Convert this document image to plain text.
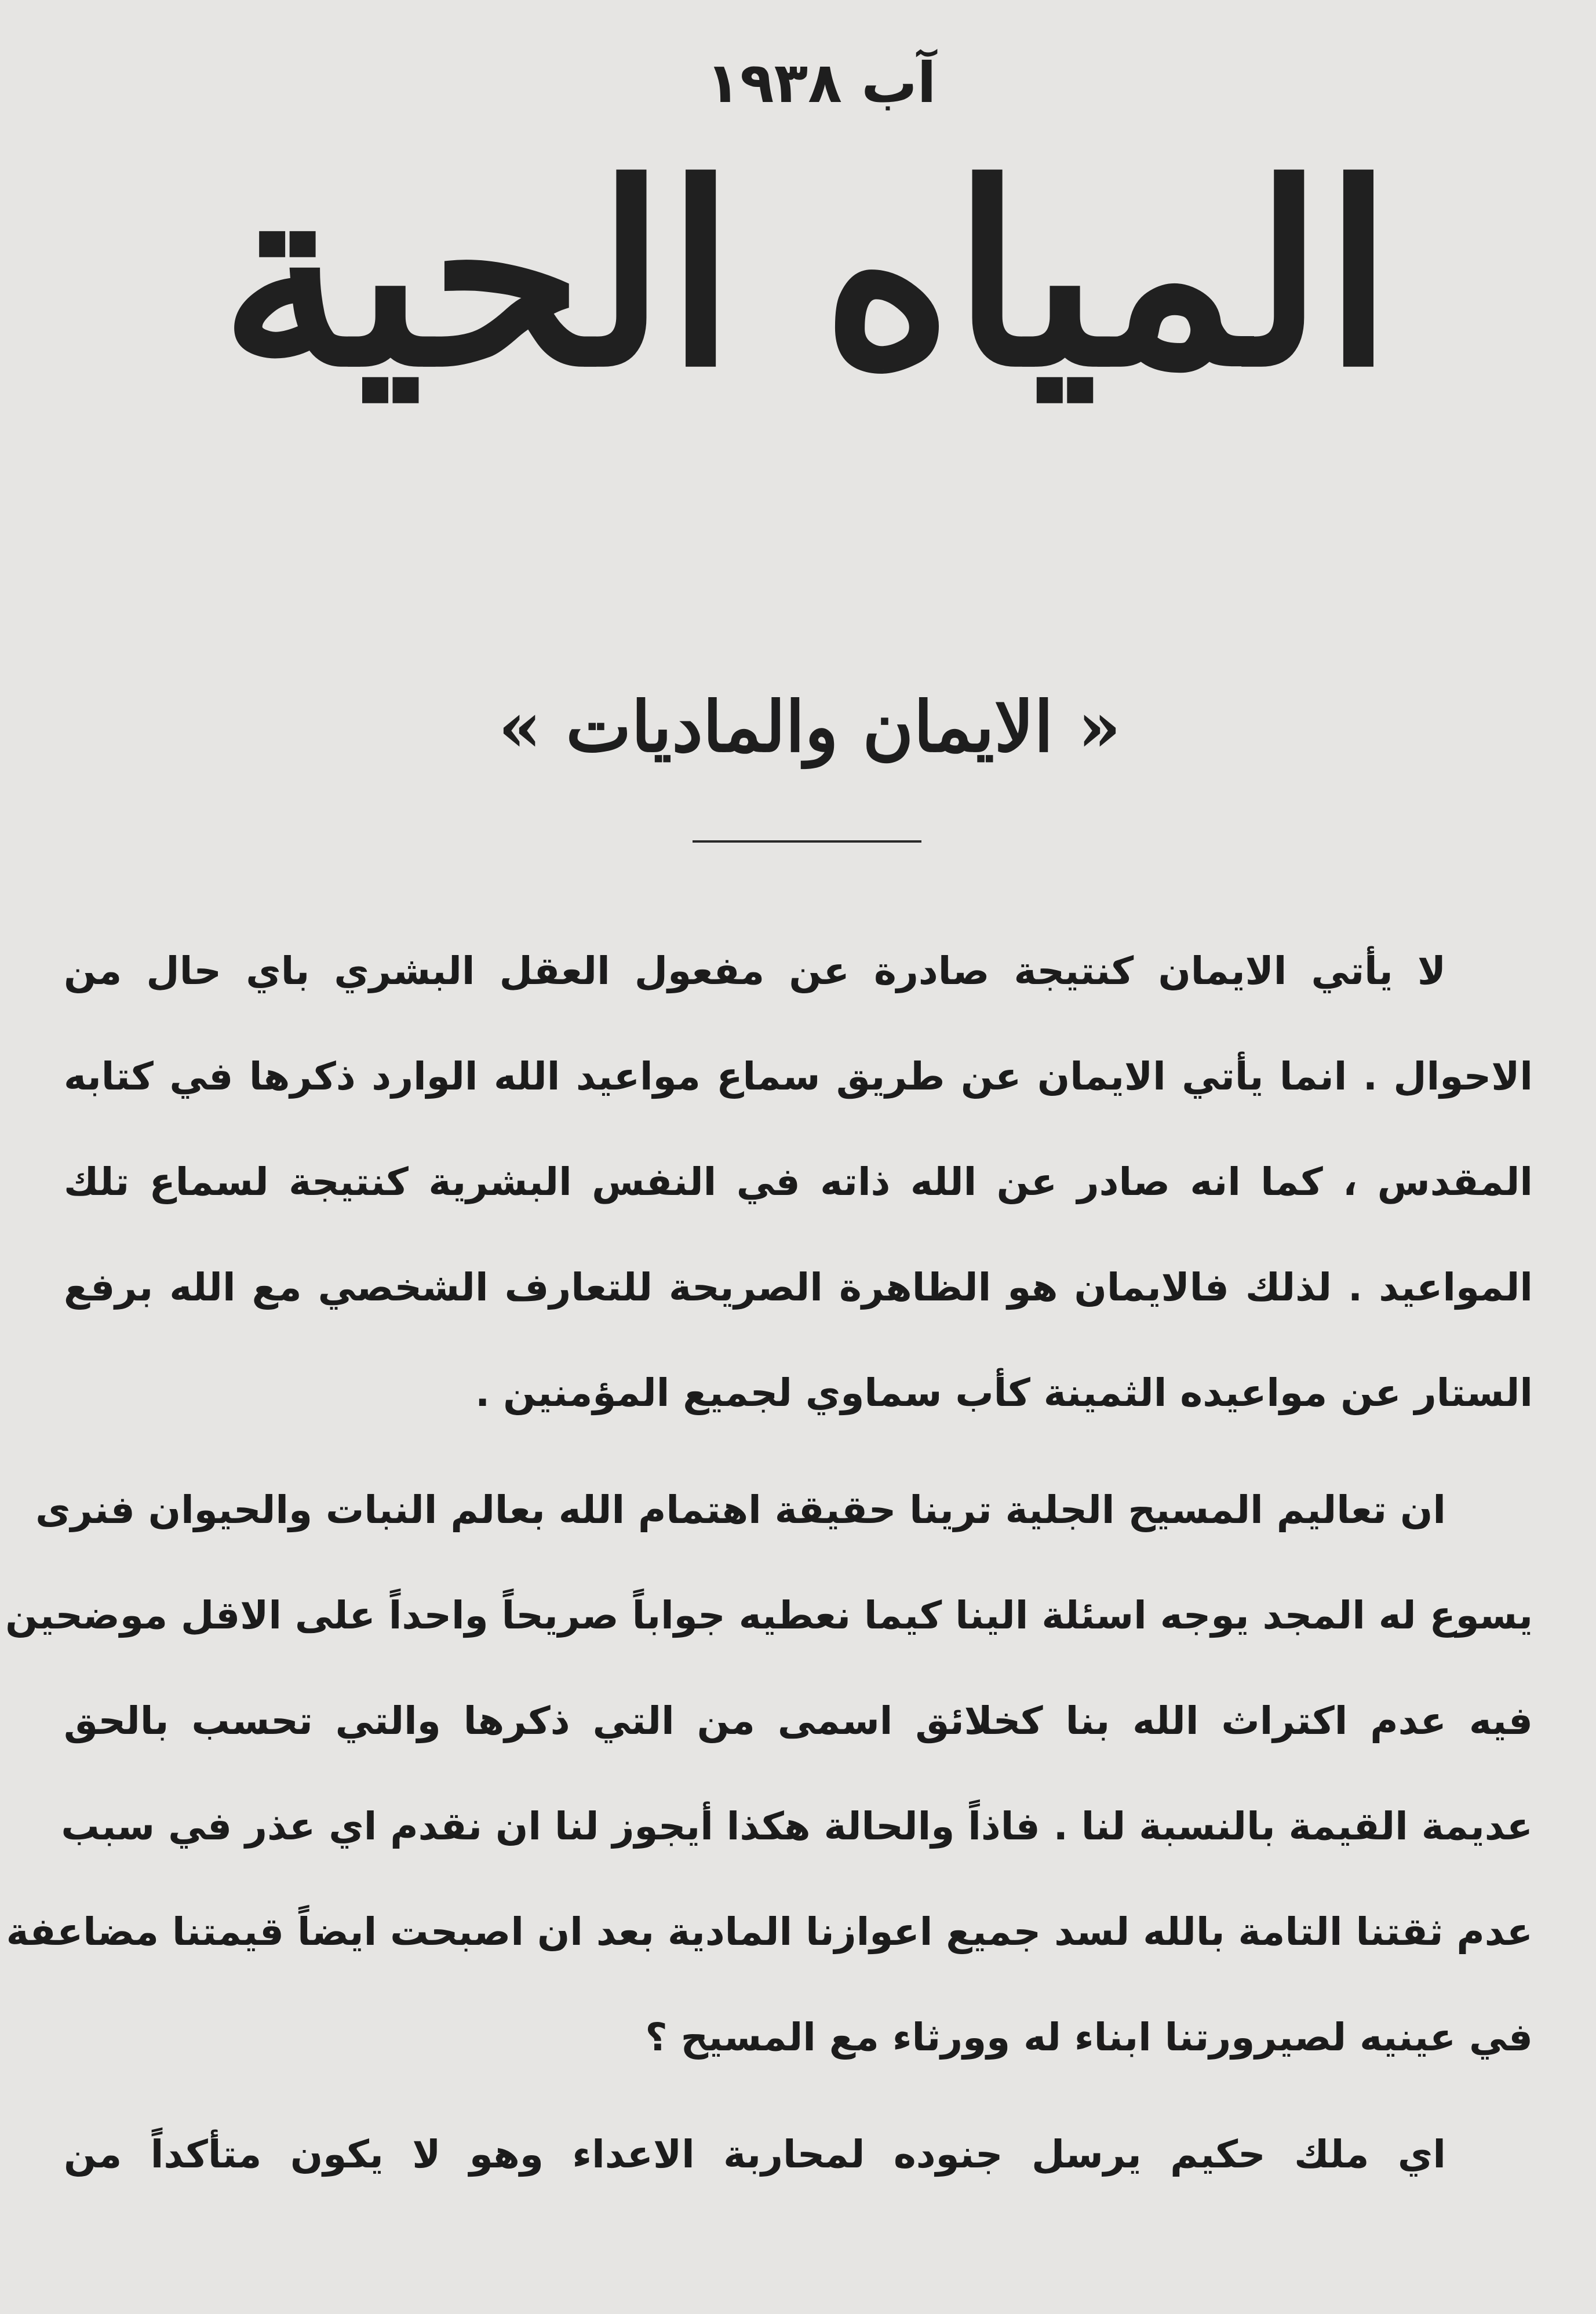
آب ١٩٣٨
المياه الحية
« الايمان والماديات »
لا يأتي الايمان كنتيجة صادرة عن مفعول العقل البشري باي حال من
الاحوال . انما يأتي الايمان عن طريق سماع مواعيد الله الوارد ذكرها في كتابه
المقدس ، كما انه صادر عن الله ذاته في النفس البشرية كنتيجة لسماع تلك
المواعيد . لذلك فالايمان هو الظاهرة الصريحة للتعارف الشخصي مع الله برفع
الستار عن مواعيده الثمينة كأب سماوي لجميع المؤمنين .
ان تعاليم المسيح الجلية ترينا حقيقة اهتمام الله بعالم النبات والحيوان فنرى
يسوع له المجد يوجه اسئلة الينا كيما نعطيه جواباً صريحاً واحداً على الاقل موضحين
فيه عدم اكتراث الله بنا كخلائق اسمى من التي ذكرها والتي تحسب بالحق
عديمة القيمة بالنسبة لنا . فاذاً والحالة هكذا أيجوز لنا ان نقدم اي عذر في سبب
عدم ثقتنا التامة بالله لسد جميع اعوازنا المادية بعد ان اصبحت ايضاً قيمتنا مضاعفة
في عينيه لصيرورتنا ابناء له وورثاء مع المسيح ؟
اي ملك حكيم يرسل جنوده لمحاربة الاعداء وهو لا يكون متأكداً من
